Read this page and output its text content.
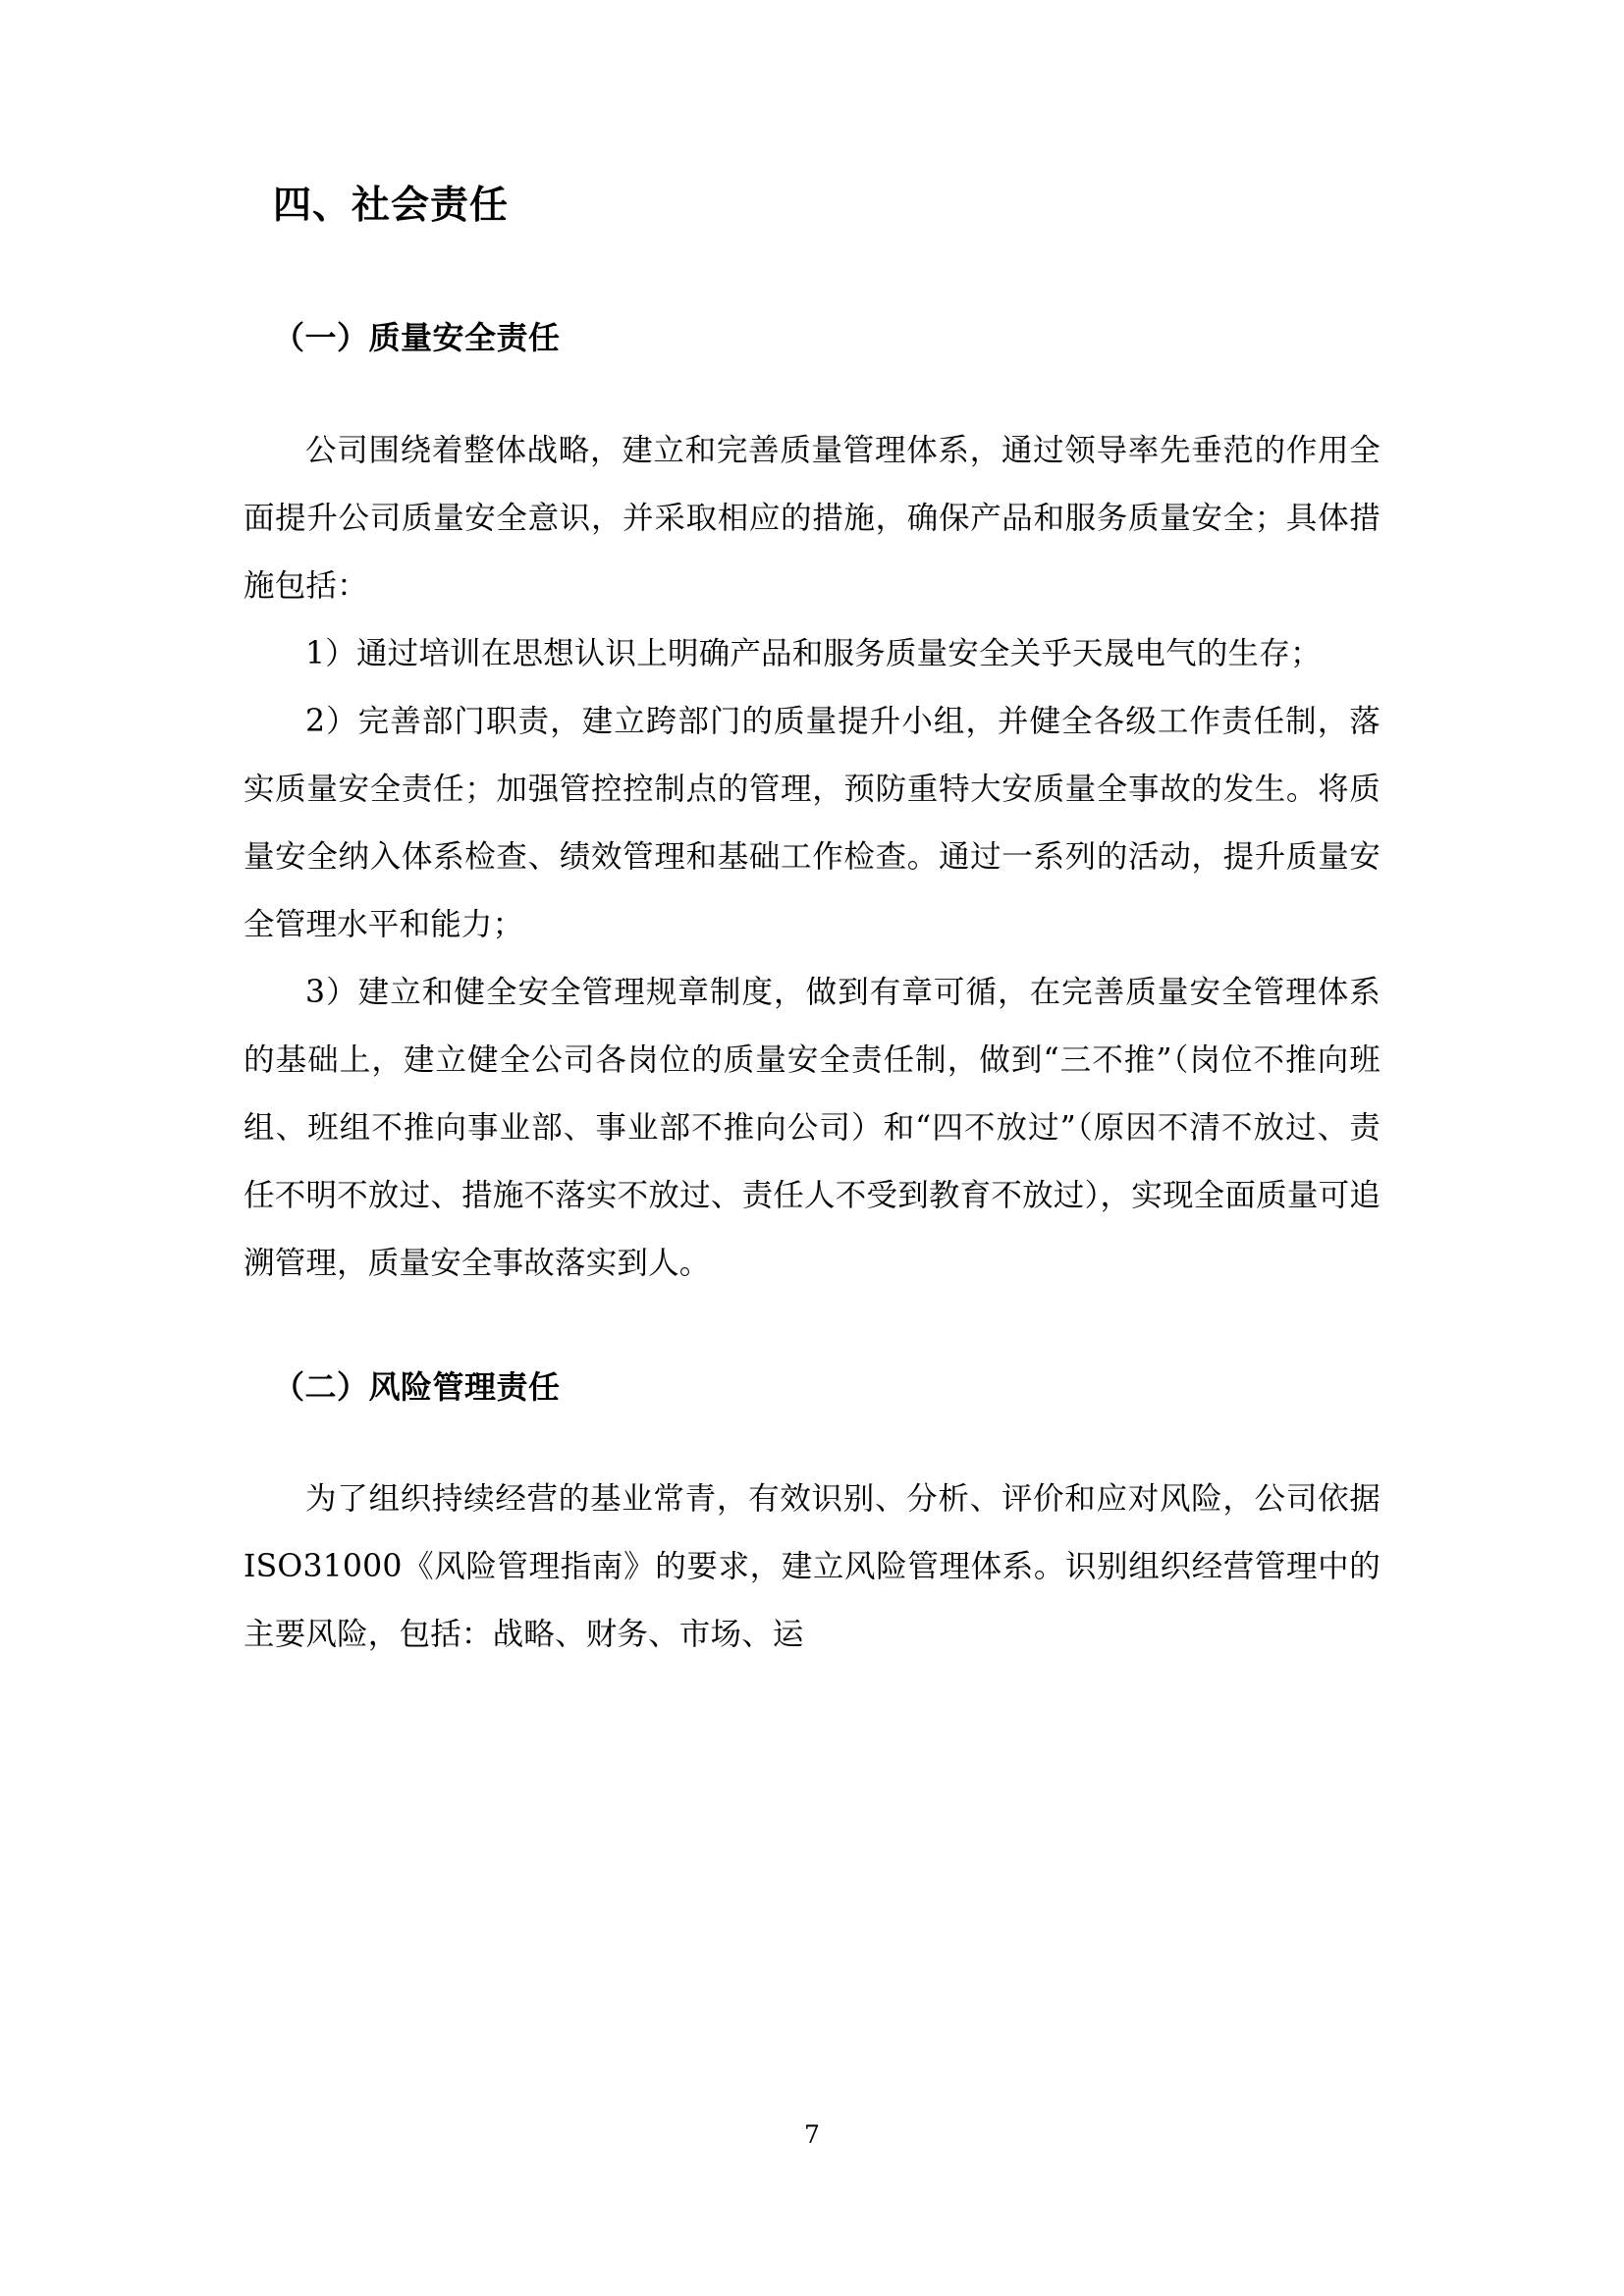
四、社会责任
（一）质量安全责任

公司围绕着整体战略，建立和完善质量管理体系，通过领导率先垂范的作用全面提升公司质量安全意识，并采取相应的措施，确保产品和服务质量安全；具体措施包括：

1）通过培训在思想认识上明确产品和服务质量安全关乎天晟电气的生存；

2）完善部门职责，建立跨部门的质量提升小组，并健全各级工作责任制，落实质量安全责任；加强管控控制点的管理，预防重特大安质量全事故的发生。将质量安全纳入体系检查、绩效管理和基础工作检查。通过一系列的活动，提升质量安全管理水平和能力；

3）建立和健全安全管理规章制度，做到有章可循，在完善质量安全管理体系的基础上，建立健全公司各岗位的质量安全责任制，做到“三不推”（岗位不推向班组、班组不推向事业部、事业部不推向公司）和“四不放过”（原因不清不放过、责任不明不放过、措施不落实不放过、责任人不受到教育不放过），实现全面质量可追溯管理，质量安全事故落实到人。

（二）风险管理责任

为了组织持续经营的基业常青，有效识别、分析、评价和应对风险，公司依据 ISO31000《风险管理指南》的要求，建立风险管理体系。识别组织经营管理中的主要风险，包括：战略、财务、市场、运

7
